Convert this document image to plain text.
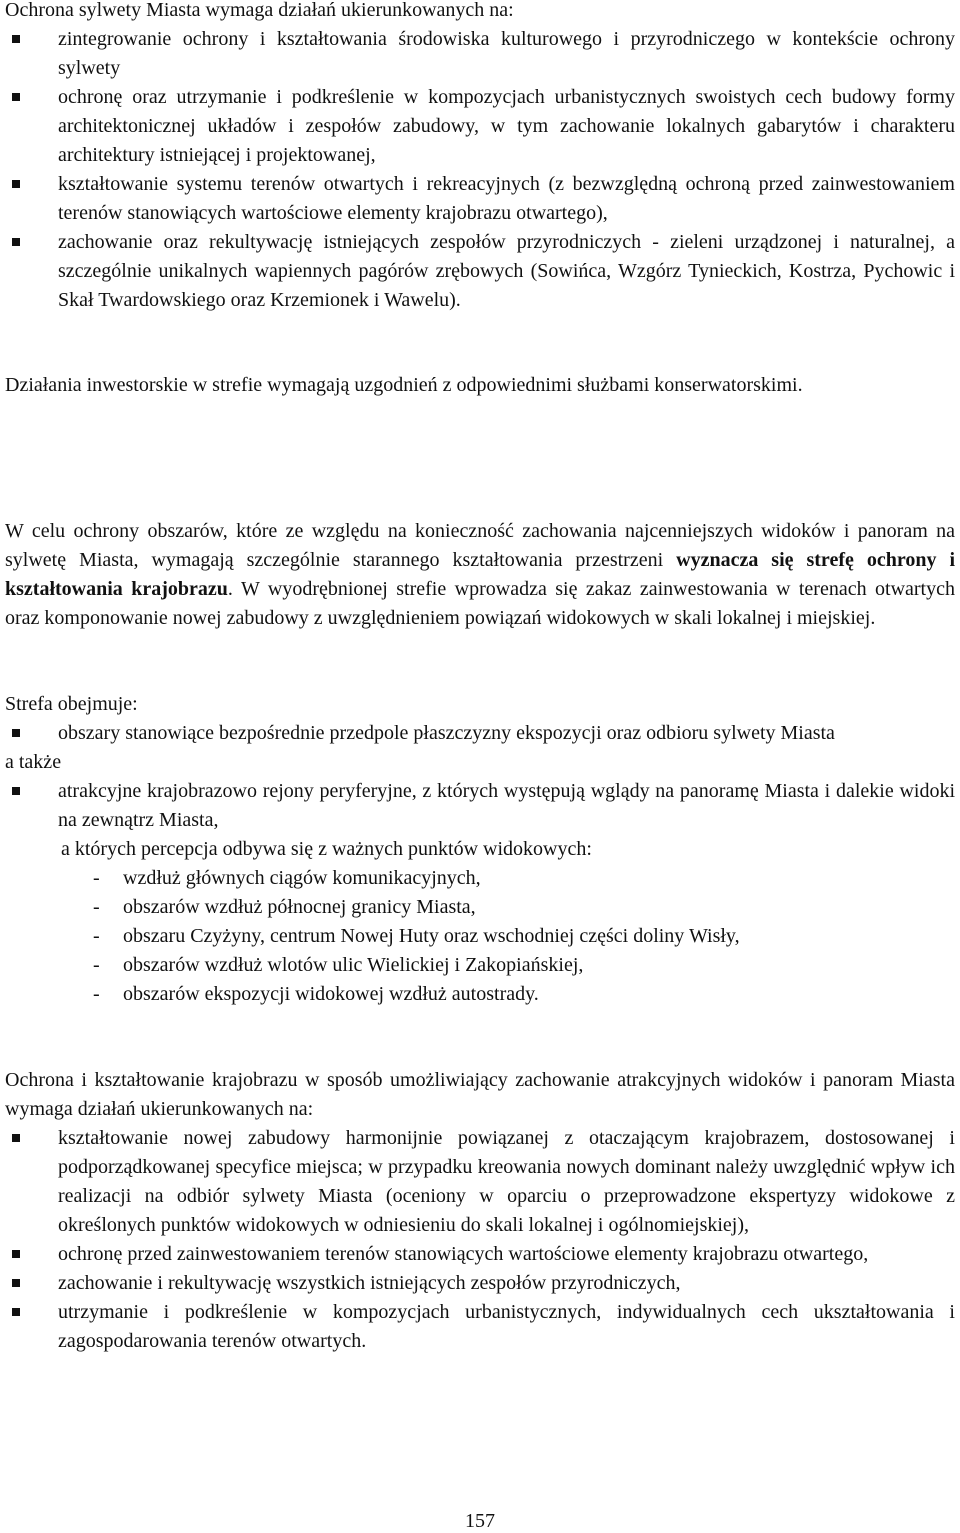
Ochrona sylwety Miasta wymaga działań ukierunkowanych na:

zintegrowanie ochrony i kształtowania środowiska kulturowego i przyrodniczego w kontekście ochrony sylwety
ochronę oraz utrzymanie i podkreślenie w kompozycjach urbanistycznych swoistych cech budowy formy architektonicznej układów i zespołów zabudowy, w tym zachowanie lokalnych gabarytów i charakteru architektury istniejącej i projektowanej,
kształtowanie systemu terenów otwartych i rekreacyjnych (z bezwzględną ochroną przed zainwestowaniem terenów stanowiących wartościowe elementy krajobrazu otwartego),
zachowanie oraz rekultywację istniejących zespołów przyrodniczych - zieleni urządzonej i naturalnej, a szczególnie unikalnych wapiennych pagórów zrębowych (Sowińca, Wzgórz Tynieckich, Kostrza, Pychowic i Skał Twardowskiego oraz Krzemionek i Wawelu).

Działania inwestorskie w strefie wymagają uzgodnień z odpowiednimi służbami konserwatorskimi.

W celu ochrony obszarów, które ze względu na konieczność zachowania najcenniejszych widoków i panoram na sylwetę Miasta, wymagają szczególnie starannego kształtowania przestrzeni wyznacza się strefę ochrony i kształtowania krajobrazu. W wyodrębnionej strefie wprowadza się zakaz zainwestowania w terenach otwartych oraz komponowanie nowej zabudowy z uwzględnieniem powiązań widokowych w skali lokalnej i miejskiej.

Strefa obejmuje:

obszary stanowiące bezpośrednie przedpole płaszczyzny ekspozycji oraz odbioru sylwety Miasta

a także

atrakcyjne krajobrazowo rejony peryferyjne, z których występują wglądy na panoramę Miasta i dalekie widoki na zewnątrz Miasta,

a których percepcja odbywa się z ważnych punktów widokowych:

- wzdłuż głównych ciągów komunikacyjnych,
- obszarów wzdłuż północnej granicy Miasta,
- obszaru Czyżyny, centrum Nowej Huty oraz wschodniej części doliny Wisły,
- obszarów wzdłuż wlotów ulic Wielickiej i Zakopiańskiej,
- obszarów ekspozycji widokowej wzdłuż autostrady.

Ochrona i kształtowanie krajobrazu w sposób umożliwiający zachowanie atrakcyjnych widoków i panoram Miasta wymaga działań ukierunkowanych na:

kształtowanie nowej zabudowy harmonijnie powiązanej z otaczającym krajobrazem, dostosowanej i podporządkowanej specyfice miejsca; w przypadku kreowania nowych dominant należy uwzględnić wpływ ich realizacji na odbiór sylwety Miasta (oceniony w oparciu o przeprowadzone ekspertyzy widokowe z określonych punktów widokowych w odniesieniu do skali lokalnej i ogólnomiejskiej),
ochronę przed zainwestowaniem terenów stanowiących wartościowe elementy krajobrazu otwartego,
zachowanie i rekultywację wszystkich istniejących zespołów przyrodniczych,
utrzymanie i podkreślenie w kompozycjach urbanistycznych, indywidualnych cech ukształtowania i zagospodarowania terenów otwartych.
157
